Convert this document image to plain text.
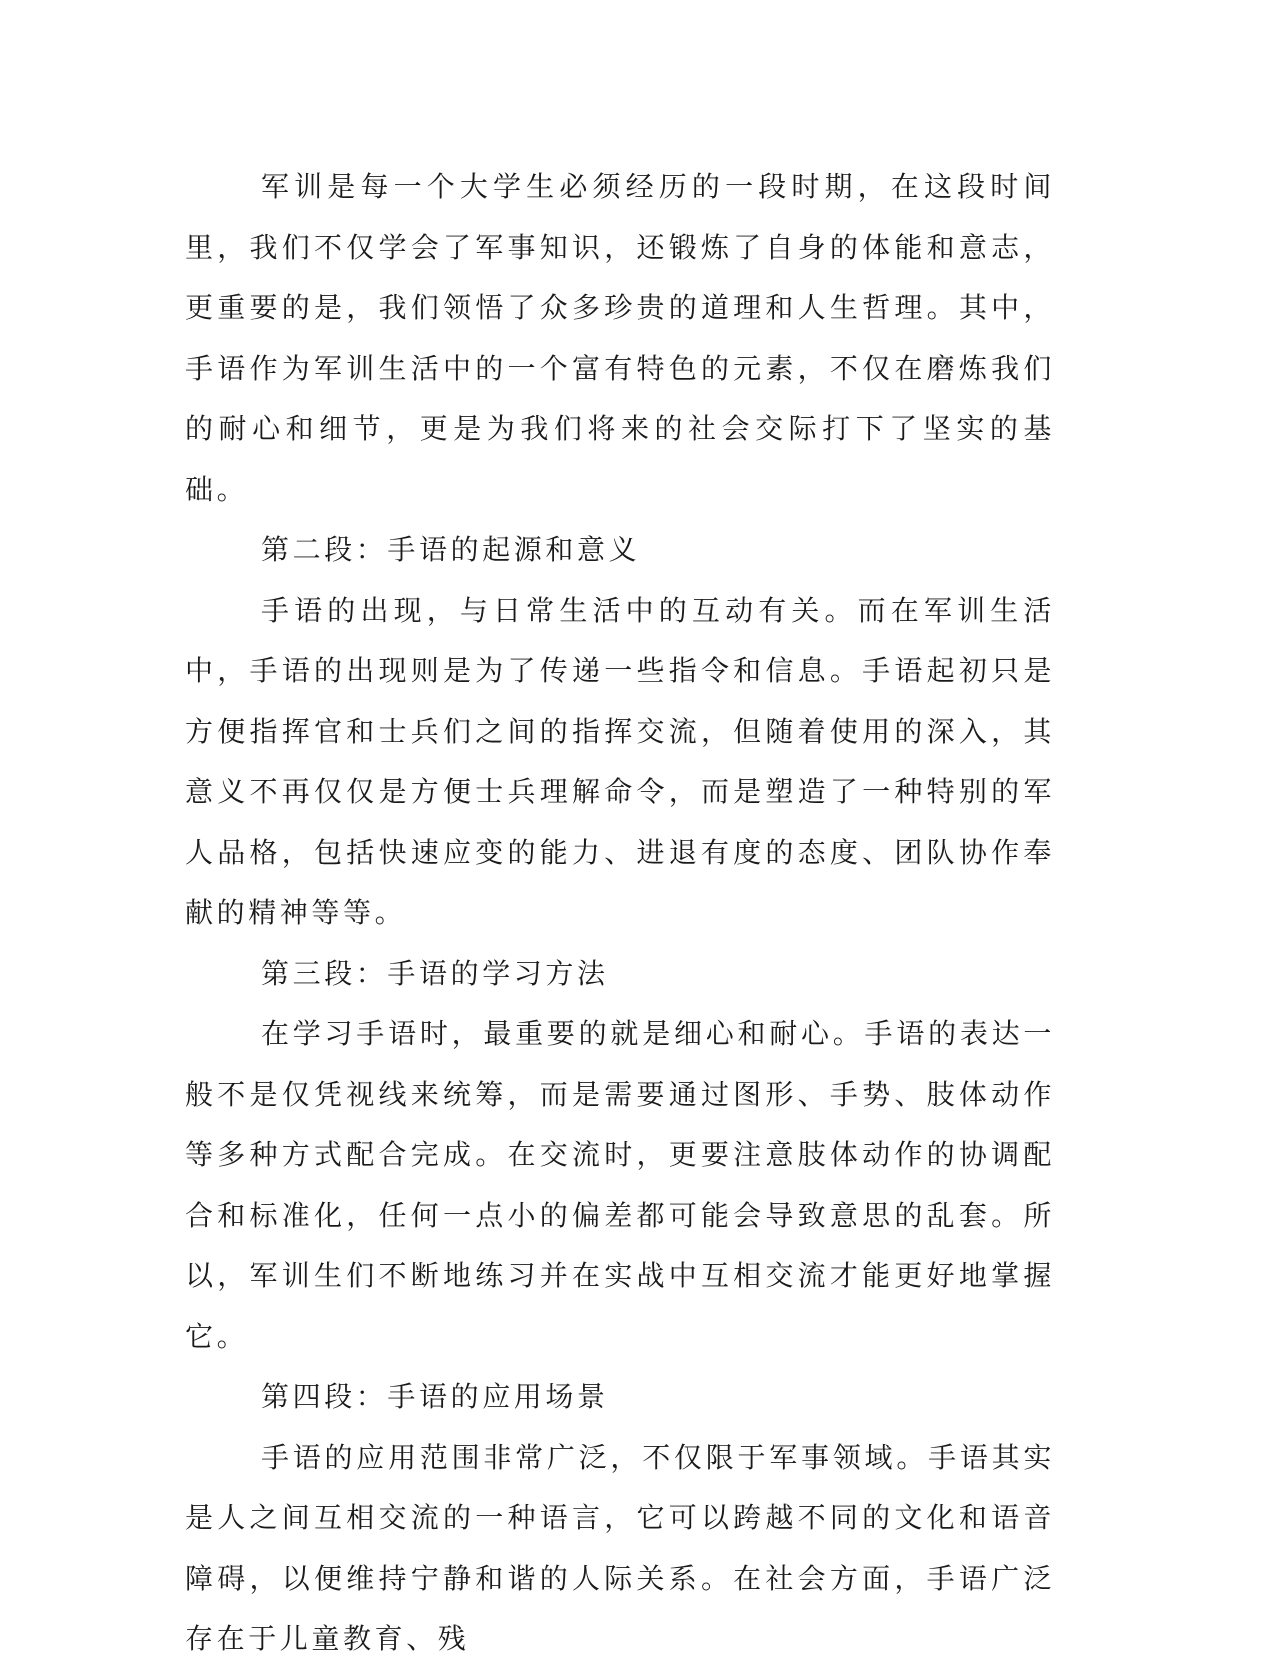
军训是每一个大学生必须经历的一段时期，在这段时间里，我们不仅学会了军事知识，还锻炼了自身的体能和意志，更重要的是，我们领悟了众多珍贵的道理和人生哲理。其中，手语作为军训生活中的一个富有特色的元素，不仅在磨炼我们的耐心和细节，更是为我们将来的社会交际打下了坚实的基础。

第二段：手语的起源和意义

手语的出现，与日常生活中的互动有关。而在军训生活中，手语的出现则是为了传递一些指令和信息。手语起初只是方便指挥官和士兵们之间的指挥交流，但随着使用的深入，其意义不再仅仅是方便士兵理解命令，而是塑造了一种特别的军人品格，包括快速应变的能力、进退有度的态度、团队协作奉献的精神等等。

第三段：手语的学习方法

在学习手语时，最重要的就是细心和耐心。手语的表达一般不是仅凭视线来统筹，而是需要通过图形、手势、肢体动作等多种方式配合完成。在交流时，更要注意肢体动作的协调配合和标准化，任何一点小的偏差都可能会导致意思的乱套。所以，军训生们不断地练习并在实战中互相交流才能更好地掌握它。

第四段：手语的应用场景

手语的应用范围非常广泛，不仅限于军事领域。手语其实是人之间互相交流的一种语言，它可以跨越不同的文化和语音障碍，以便维持宁静和谐的人际关系。在社会方面，手语广泛存在于儿童教育、残
